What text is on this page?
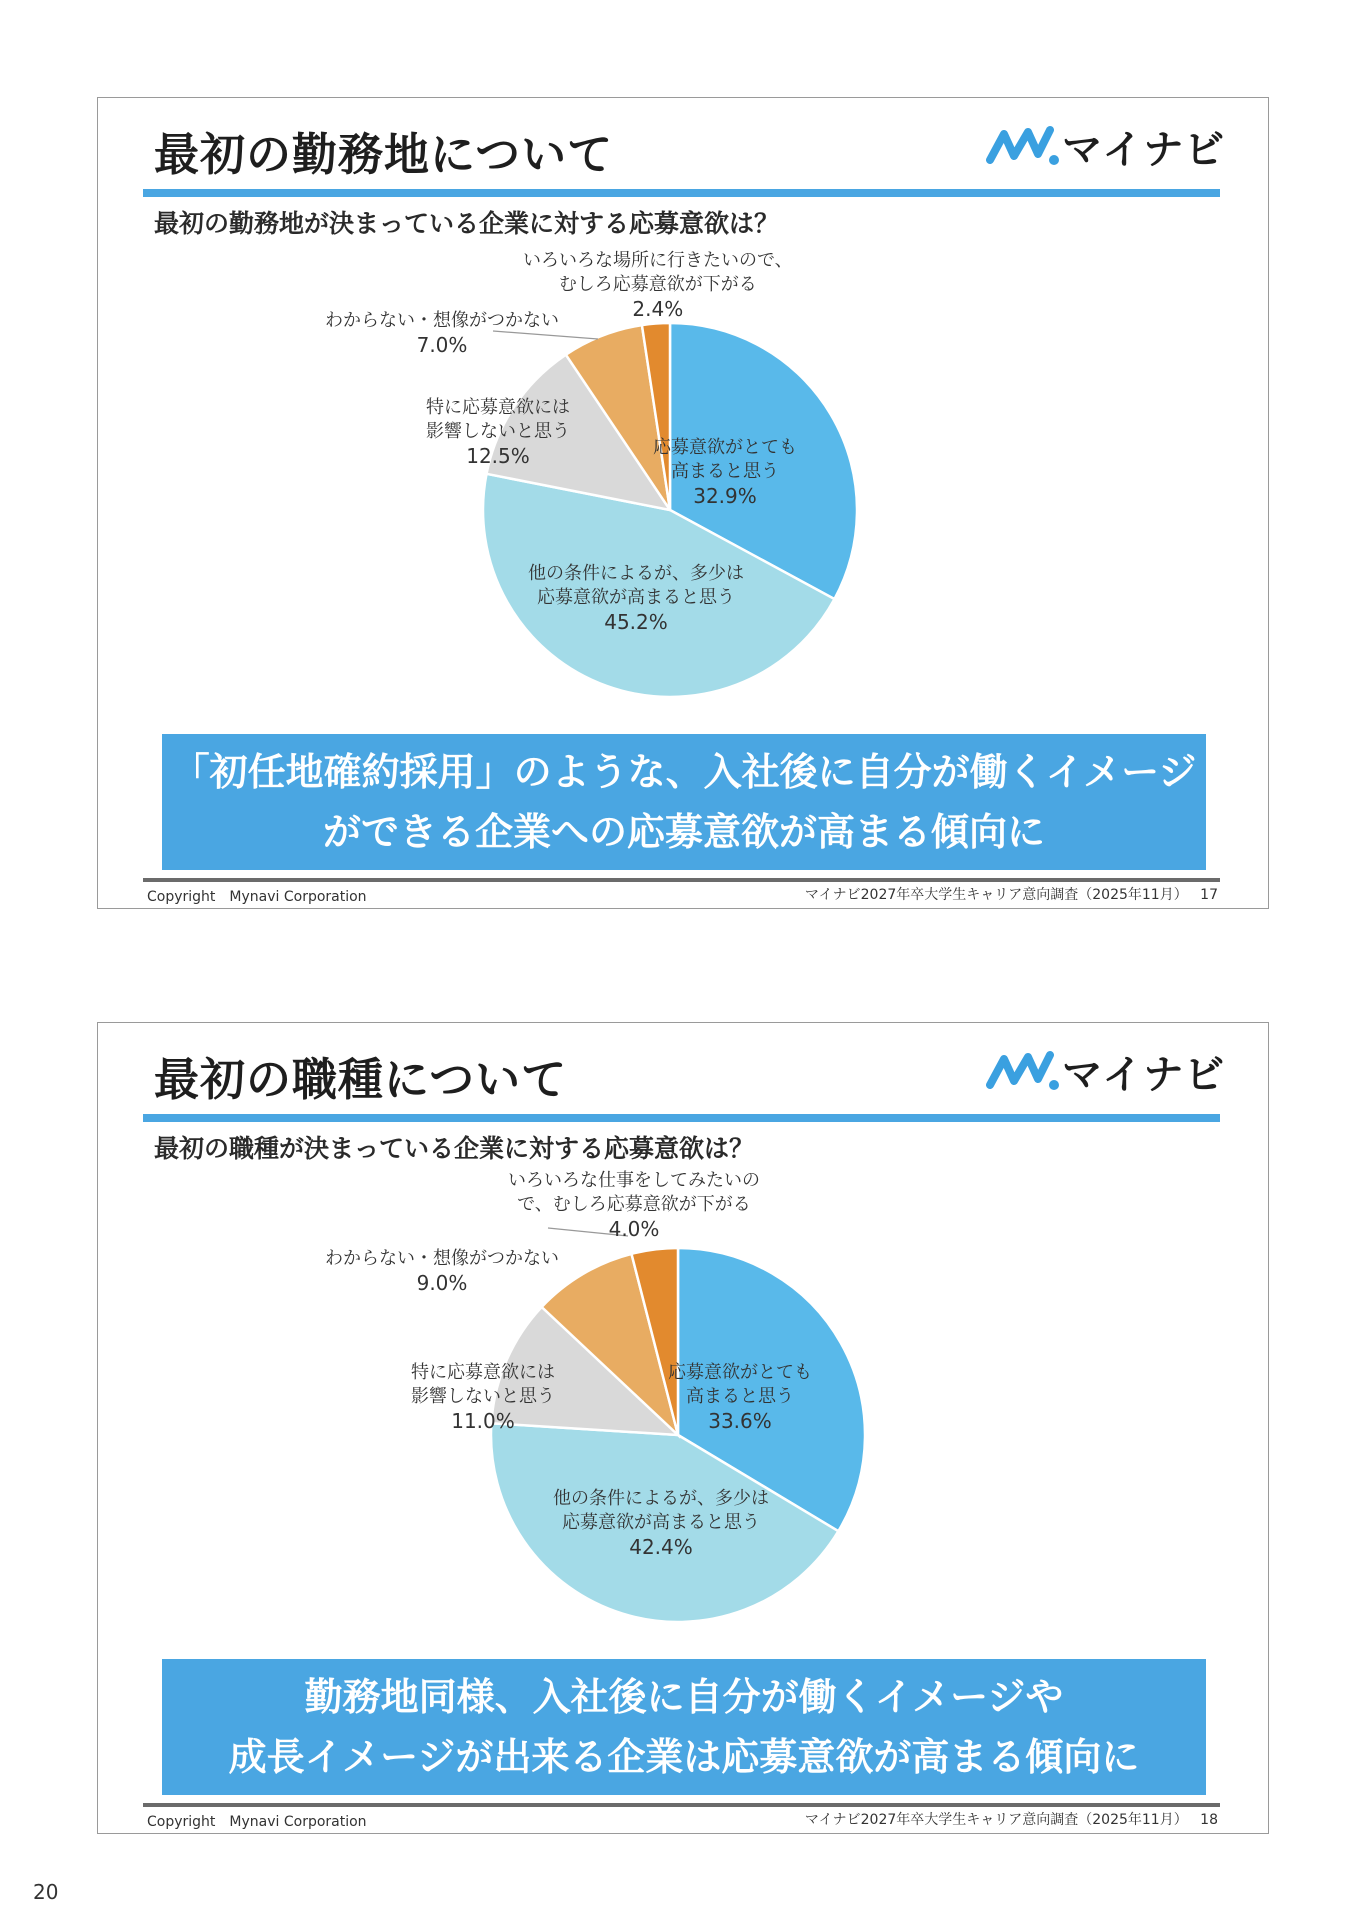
最初の勤務地について	マイナビ
最初の勤務地が決まっている企業に対する応募意欲は？
応募意欲がとても
高まると思う
32.9%
他の条件によるが、多少は
応募意欲が高まると思う
45.2%
特に応募意欲には
影響しないと思う
12.5%
わからない・想像がつかない
7.0%
いろいろな場所に行きたいので、
むしろ応募意欲が下がる
2.4%
「初任地確約採用」のような、入社後に自分が働くイメージ
ができる企業への応募意欲が高まる傾向に
Copyright　Mynavi Corporation	マイナビ2027年卒大学生キャリア意向調査（2025年11月） 17
最初の職種について	マイナビ
最初の職種が決まっている企業に対する応募意欲は？
応募意欲がとても
高まると思う
33.6%
他の条件によるが、多少は
応募意欲が高まると思う
42.4%
特に応募意欲には
影響しないと思う
11.0%
わからない・想像がつかない
9.0%
いろいろな仕事をしてみたいの
で、むしろ応募意欲が下がる
4.0%
勤務地同様、入社後に自分が働くイメージや
成長イメージが出来る企業は応募意欲が高まる傾向に
Copyright　Mynavi Corporation	マイナビ2027年卒大学生キャリア意向調査（2025年11月） 18
20
